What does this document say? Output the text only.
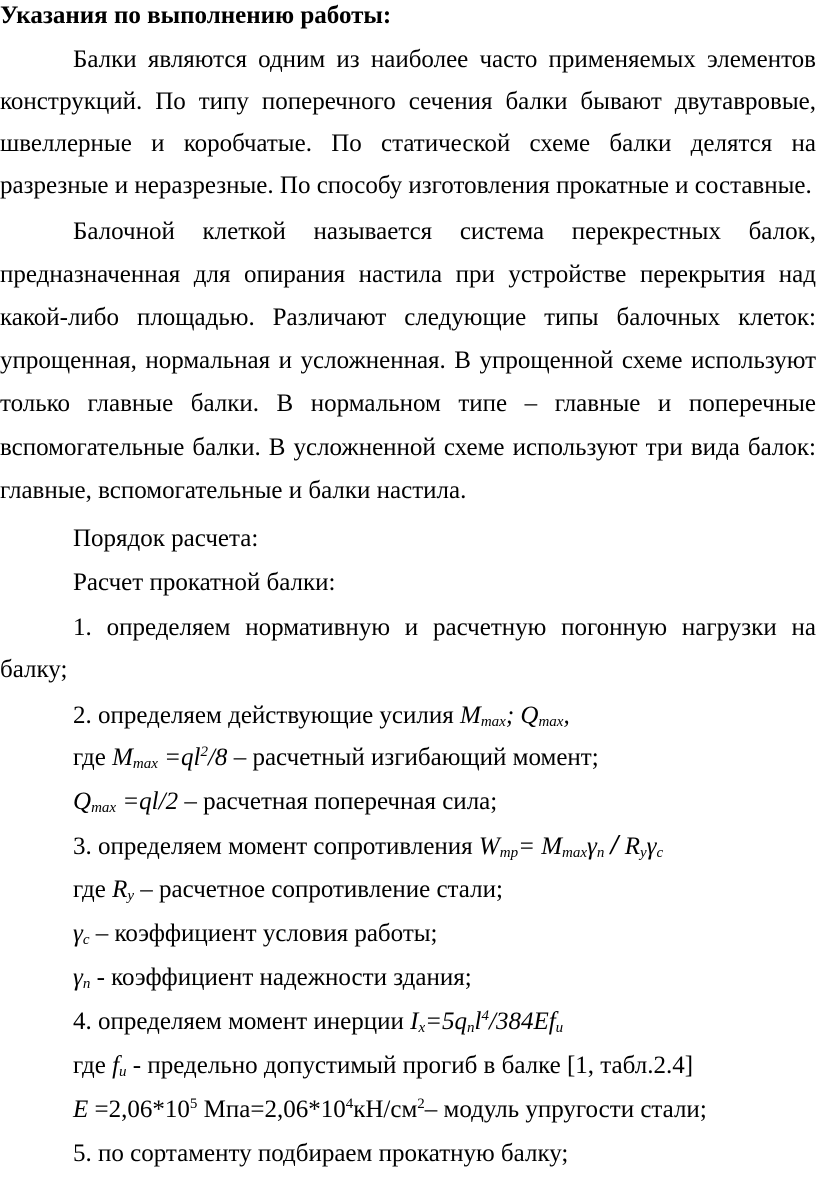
Указания по выполнению работы:
Балки являются одним из наиболее часто применяемых элементов
конструкций. По типу поперечного сечения балки бывают двутавровые,
швеллерные и коробчатые. По статической схеме балки делятся на
разрезные и неразрезные. По способу изготовления прокатные и составные.
Балочной клеткой называется система перекрестных балок,
предназначенная для опирания настила при устройстве перекрытия над
какой-либо площадью. Различают следующие типы балочных клеток:
упрощенная, нормальная и усложненная. В упрощенной схеме используют
только главные балки. В нормальном типе – главные и поперечные
вспомогательные балки. В усложненной схеме используют три вида балок:
главные, вспомогательные и балки настила.
Порядок расчета:
Расчет прокатной балки:
1. определяем нормативную и расчетную погонную нагрузки на
балку;
2. определяем действующие усилия $M_{max}$; $Q_{max}$,
где $M_{max} =ql^2/8$ – расчетный изгибающий момент;
$Q_{max} =ql/2$ – расчетная поперечная сила;
3. определяем момент сопротивления $W_{тр}= M_{max}\gamma_n / R_y\gamma_c$
где $R_y$ – расчетное сопротивление стали;
$\gamma_c$ – коэффициент условия работы;
$\gamma_n$ - коэффициент надежности здания;
4. определяем момент инерции $I_x=5q_nl^4/384Ef_u$
где $f_u$ - предельно допустимый прогиб в балке [1, табл.2.4]
$E =2,06*10^5$ $Мпа=2,06*10^4кН/см^2-$ модуль упругости стали;
5. по сортаменту подбираем прокатную балку;
